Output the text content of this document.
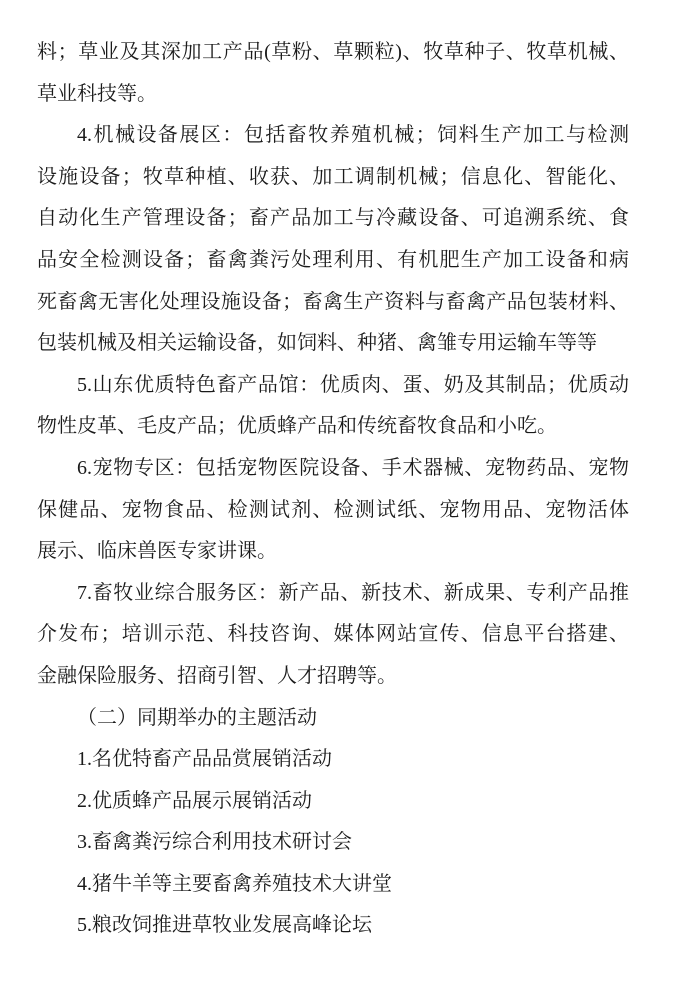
料；草业及其深加工产品(草粉、草颗粒)、牧草种子、牧草机械、
草业科技等。
4.机械设备展区：包括畜牧养殖机械；饲料生产加工与检测
设施设备；牧草种植、收获、加工调制机械；信息化、智能化、
自动化生产管理设备；畜产品加工与冷藏设备、可追溯系统、食
品安全检测设备；畜禽粪污处理利用、有机肥生产加工设备和病
死畜禽无害化处理设施设备；畜禽生产资料与畜禽产品包装材料、
包装机械及相关运输设备，如饲料、种猪、禽雏专用运输车等等
5.山东优质特色畜产品馆：优质肉、蛋、奶及其制品；优质动
物性皮革、毛皮产品；优质蜂产品和传统畜牧食品和小吃。
6.宠物专区：包括宠物医院设备、手术器械、宠物药品、宠物
保健品、宠物食品、检测试剂、检测试纸、宠物用品、宠物活体
展示、临床兽医专家讲课。
7.畜牧业综合服务区：新产品、新技术、新成果、专利产品推
介发布；培训示范、科技咨询、媒体网站宣传、信息平台搭建、
金融保险服务、招商引智、人才招聘等。
（二）同期举办的主题活动
1.名优特畜产品品赏展销活动
2.优质蜂产品展示展销活动
3.畜禽粪污综合利用技术研讨会
4.猪牛羊等主要畜禽养殖技术大讲堂
5.粮改饲推进草牧业发展高峰论坛
